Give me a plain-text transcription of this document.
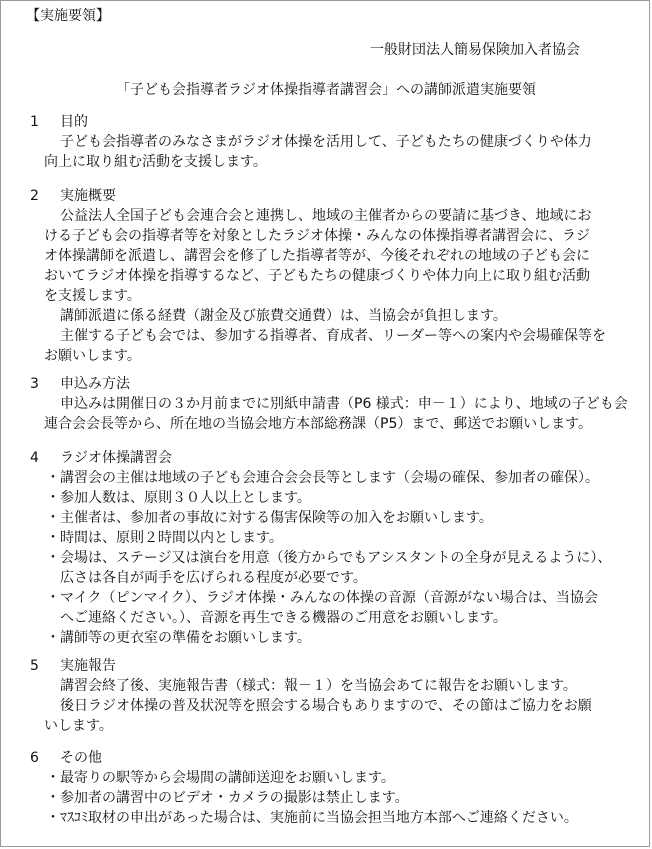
【実施要領】
一般財団法人簡易保険加入者協会
「子ども会指導者ラジオ体操指導者講習会」への講師派遣実施要領
1 目的

子ども会指導者のみなさまがラジオ体操を活用して、子どもたちの健康づくりや体力

向上に取り組む活動を支援します。

2 実施概要

公益法人全国子ども会連合会と連携し、地域の主催者からの要請に基づき、地域にお

ける子ども会の指導者等を対象としたラジオ体操・みんなの体操指導者講習会に、ラジ

オ体操講師を派遣し、講習会を修了した指導者等が、今後それぞれの地域の子ども会に

おいてラジオ体操を指導するなど、子どもたちの健康づくりや体力向上に取り組む活動

を支援します。

講師派遣に係る経費（謝金及び旅費交通費）は、当協会が負担します。

主催する子ども会では、参加する指導者、育成者、リーダー等への案内や会場確保等を

お願いします。

3 申込み方法

申込みは開催日の３か月前までに別紙申請書（P6 様式：申－１）により、地域の子ども会

連合会会長等から、所在地の当協会地方本部総務課（P5）まで、郵送でお願いします。

4 ラジオ体操講習会

・講習会の主催は地域の子ども会連合会会長等とします（会場の確保、参加者の確保）。

・参加人数は、原則３０人以上とします。

・主催者は、参加者の事故に対する傷害保険等の加入をお願いします。

・時間は、原則２時間以内とします。

・会場は、ステージ又は演台を用意（後方からでもアシスタントの全身が見えるように）、

広さは各自が両手を広げられる程度が必要です。

・マイク（ピンマイク）、ラジオ体操・みんなの体操の音源（音源がない場合は、当協会

へご連絡ください。）、音源を再生できる機器のご用意をお願いします。

・講師等の更衣室の準備をお願いします。

5 実施報告

講習会終了後、実施報告書（様式：報－１）を当協会あてに報告をお願いします。

後日ラジオ体操の普及状況等を照会する場合もありますので、その節はご協力をお願

いします。

6 その他

・最寄りの駅等から会場間の講師送迎をお願いします。

・参加者の講習中のビデオ・カメラの撮影は禁止します。

・ﾏｽｺﾐ取材の申出があった場合は、実施前に当協会担当地方本部へご連絡ください。
